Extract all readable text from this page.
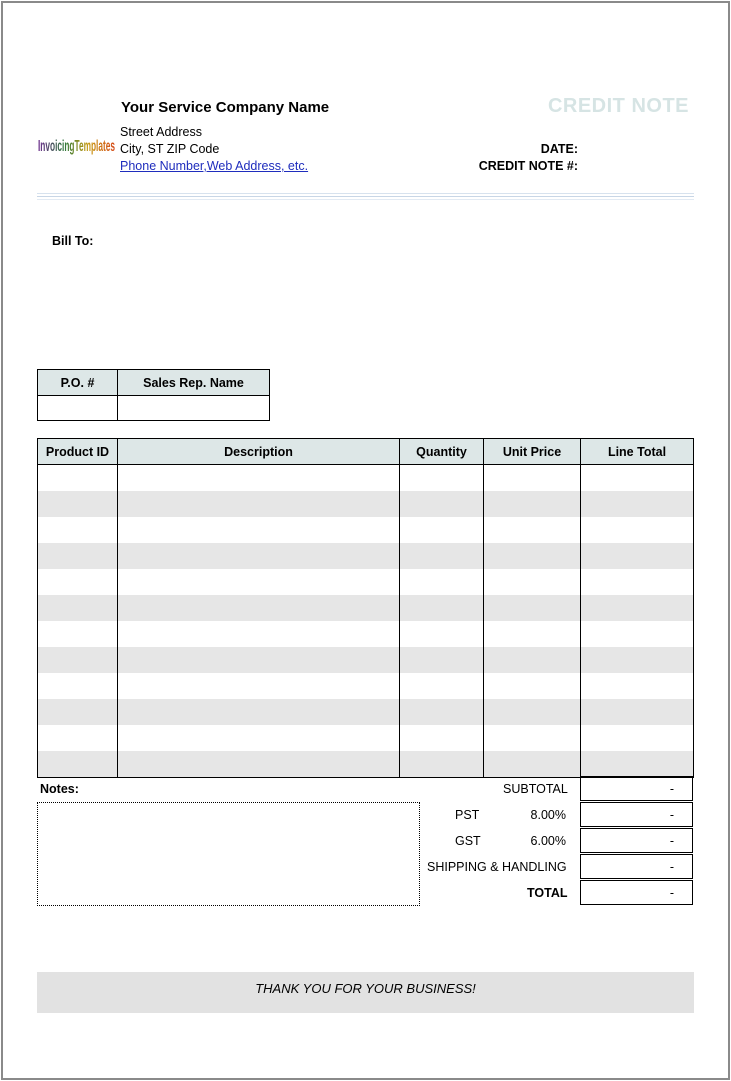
InvoicingTemplates
Your Service Company Name
Street Address
City, ST ZIP Code
Phone Number,Web Address, etc.
CREDIT NOTE
DATE:
CREDIT NOTE #:
Bill To:
P.O. #	Sales Rep. Name

Product ID	Description	Quantity	Unit Price	Line Total

Notes:	SUBTOTAL	-
PST	8.00%	-
GST	6.00%	-
SHIPPING & HANDLING	-
TOTAL	-
THANK YOU FOR YOUR BUSINESS!
